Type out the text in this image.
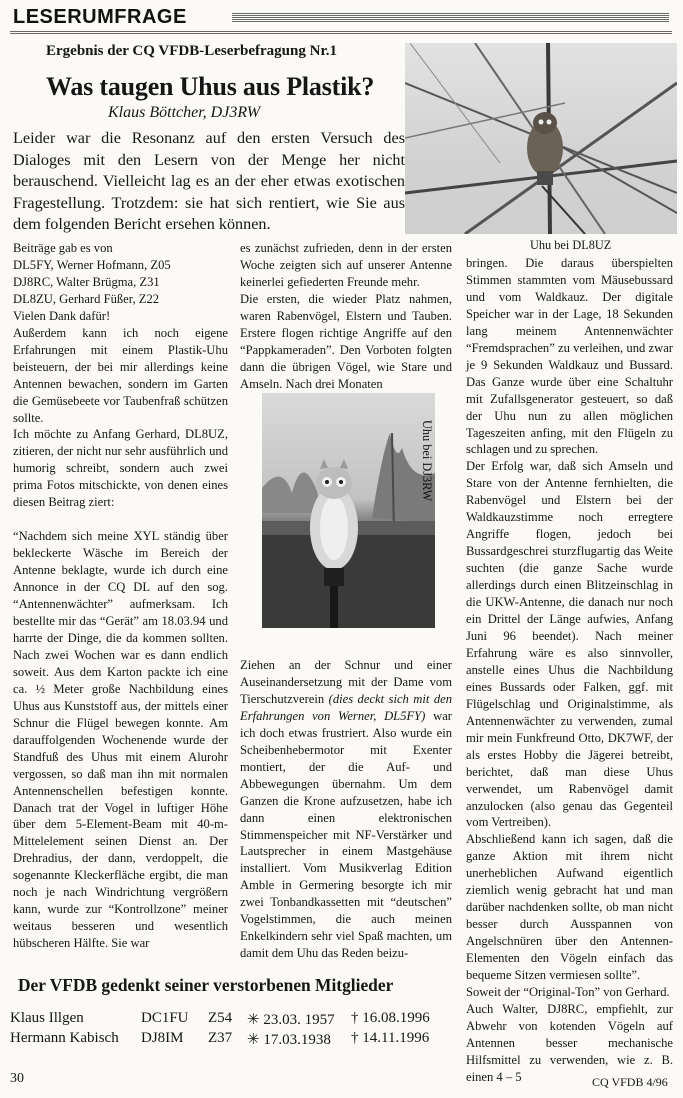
LESERUMFRAGE
Ergebnis der CQ VFDB-Leserbefragung Nr.1
Was taugen Uhus aus Plastik?
Klaus Böttcher, DJ3RW
Leider war die Resonanz auf den ersten Versuch des Dialoges mit den Lesern von der Menge her nicht berauschend. Vielleicht lag es an der eher etwas exotischen Fragestellung. Trotzdem: sie hat sich rentiert, wie Sie aus dem folgenden Bericht ersehen können.
Uhu bei DL8UZ
Uhu bei DJ3RW

Beiträge gab es von

DL5FY, Werner Hofmann, Z05

DJ8RC, Walter Brügma, Z31

DL8ZU, Gerhard Füßer, Z22

Vielen Dank dafür!

Außerdem kann ich noch eigene Erfahrungen mit einem Plastik-Uhu beisteuern, der bei mir allerdings keine Antennen bewachen, sondern im Garten die Gemüsebeete vor Taubenfraß schützen sollte.

Ich möchte zu Anfang Gerhard, DL8UZ, zitieren, der nicht nur sehr ausführlich und humorig schreibt, sondern auch zwei prima Fotos mitschickte, von denen eines diesen Beitrag ziert:

“Nachdem sich meine XYL ständig über bekleckerte Wäsche im Bereich der Antenne beklagte, wurde ich durch eine Annonce in der CQ DL auf den sog. “Antennenwächter” aufmerksam. Ich bestellte mir das “Gerät” am 18.03.94 und harrte der Dinge, die da kommen sollten. Nach zwei Wochen war es dann endlich soweit. Aus dem Karton packte ich eine ca. ½ Meter große Nachbildung eines Uhus aus Kunststoff aus, der mittels einer Schnur die Flügel bewegen konnte. Am darauffolgenden Wochenende wurde der Standfuß des Uhus mit einem Alurohr vergossen, so daß man ihn mit normalen Antennenschellen befestigen konnte. Danach trat der Vogel in luftiger Höhe über dem 5-Element-Beam mit 40-m-Mittelelement seinen Dienst an. Der Drehradius, der dann, verdoppelt, die sogenannte Kleckerfläche ergibt, die man noch je nach Windrichtung vergrößern kann, wurde zur “Kontrollzone” meiner weitaus besseren und wesentlich hübscheren Hälfte. Sie war

es zunächst zufrieden, denn in der ersten Woche zeigten sich auf unserer Antenne keinerlei gefiederten Freunde mehr.

Die ersten, die wieder Platz nahmen, waren Rabenvögel, Elstern und Tauben. Erstere flogen richtige Angriffe auf den “Pappkameraden”. Den Vorboten folgten dann die übrigen Vögel, wie Stare und Amseln. Nach drei Monaten

Ziehen an der Schnur und einer Auseinandersetzung mit der Dame vom Tierschutzverein (dies deckt sich mit den Erfahrungen von Werner, DL5FY) war ich doch etwas frustriert. Also wurde ein Scheibenhebermotor mit Exenter montiert, der die Auf- und Abbewegungen übernahm. Um dem Ganzen die Krone aufzusetzen, habe ich dann einen elektronischen Stimmenspeicher mit NF-Verstärker und Lautsprecher in einem Mastgehäuse installiert. Vom Musikverlag Edition Amble in Germering besorgte ich mir zwei Tonbandkassetten mit “deutschen” Vogelstimmen, die auch meinen Enkelkindern sehr viel Spaß machten, um damit dem Uhu das Reden beizu-

bringen. Die daraus überspielten Stimmen stammten vom Mäusebussard und vom Waldkauz. Der digitale Speicher war in der Lage, 18 Sekunden lang meinem Antennenwächter “Fremdsprachen” zu verleihen, und zwar je 9 Sekunden Waldkauz und Bussard. Das Ganze wurde über eine Schaltuhr mit Zufallsgenerator gesteuert, so daß der Uhu nun zu allen möglichen Tageszeiten anfing, mit den Flügeln zu schlagen und zu sprechen.

Der Erfolg war, daß sich Amseln und Stare von der Antenne fernhielten, die Rabenvögel und Elstern bei der Waldkauzstimme noch erregtere Angriffe flogen, jedoch bei Bussardgeschrei sturzflugartig das Weite suchten (die ganze Sache wurde allerdings durch einen Blitzeinschlag in die UKW-Antenne, die danach nur noch ein Drittel der Länge aufwies, Anfang Juni 96 beendet). Nach meiner Erfahrung wäre es also sinnvoller, anstelle eines Uhus die Nachbildung eines Bussards oder Falken, ggf. mit Flügelschlag und Originalstimme, als Antennenwächter zu verwenden, zumal mir mein Funkfreund Otto, DK7WF, der als erstes Hobby die Jägerei betreibt, berichtet, daß man diese Uhus verwendet, um Rabenvögel damit anzulocken (also genau das Gegenteil vom Vertreiben).

Abschließend kann ich sagen, daß die ganze Aktion mit ihrem nicht unerheblichen Aufwand eigentlich ziemlich wenig gebracht hat und man darüber nachdenken sollte, ob man nicht besser durch Ausspannen von Angelschnüren über den Antennen-Elementen den Vögeln einfach das bequeme Sitzen vermiesen sollte”.

Soweit der “Original-Ton” von Gerhard.

Auch Walter, DJ8RC, empfiehlt, zur Abwehr von kotenden Vögeln auf Antennen besser mechanische Hilfsmittel zu verwenden, wie z. B. einen 4 – 5

Der VFDB gedenkt seiner verstorbenen Mitglieder
Klaus Illgen	DC1FU Z54 ✳ 23.03. 1957 † 16.08.1996
Hermann Kabisch DJ8IM Z37 ✳ 17.03.1938 † 14.11.1996
30	CQ VFDB 4/96
